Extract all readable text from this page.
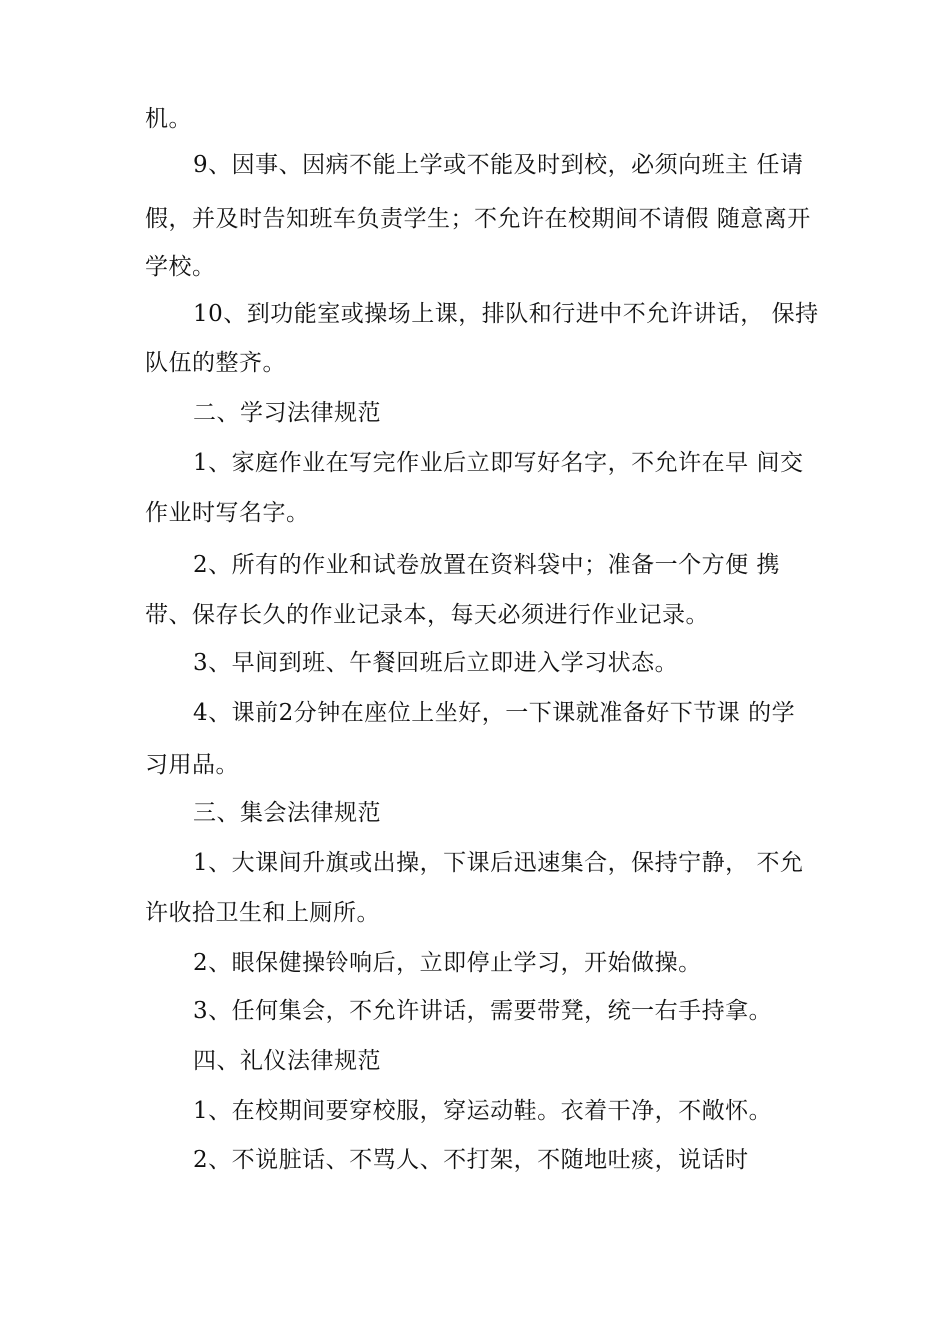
机。
9、因事、因病不能上学或不能及时到校，必须向班主 任请
假，并及时告知班车负责学生；不允许在校期间不请假 随意离开
学校。
10、到功能室或操场上课，排队和行进中不允许讲话， 保持
队伍的整齐。
二、学习法律规范
1、家庭作业在写完作业后立即写好名字，不允许在早 间交
作业时写名字。
2、所有的作业和试卷放置在资料袋中；准备一个方便 携
带、保存长久的作业记录本，每天必须进行作业记录。
3、早间到班、午餐回班后立即进入学习状态。
4、课前2分钟在座位上坐好，一下课就准备好下节课 的学
习用品。
三、集会法律规范
1、大课间升旗或出操，下课后迅速集合，保持宁静， 不允
许收拾卫生和上厕所。
2、眼保健操铃响后，立即停止学习，开始做操。
3、任何集会，不允许讲话，需要带凳，统一右手持拿。
四、礼仪法律规范
1、在校期间要穿校服，穿运动鞋。衣着干净，不敞怀。
2、不说脏话、不骂人、不打架，不随地吐痰，说话时
